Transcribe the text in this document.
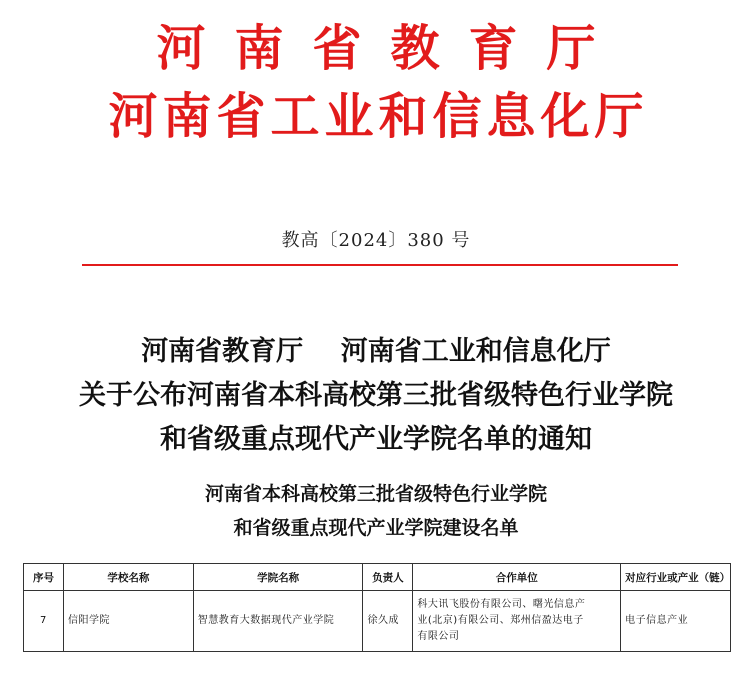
河南省教育厅
河南省工业和信息化厅
教高〔2024〕380 号
河南省教育厅    河南省工业和信息化厅
关于公布河南省本科高校第三批省级特色行业学院
和省级重点现代产业学院名单的通知
河南省本科高校第三批省级特色行业学院
和省级重点现代产业学院建设名单
序号	学校名称	学院名称	负责人	合作单位	对应行业或产业（链）
7	信阳学院	智慧教育大数据现代产业学院	徐久成	科大讯飞股份有限公司、曙光信息产
业(北京)有限公司、郑州信盈达电子
有限公司	电子信息产业
